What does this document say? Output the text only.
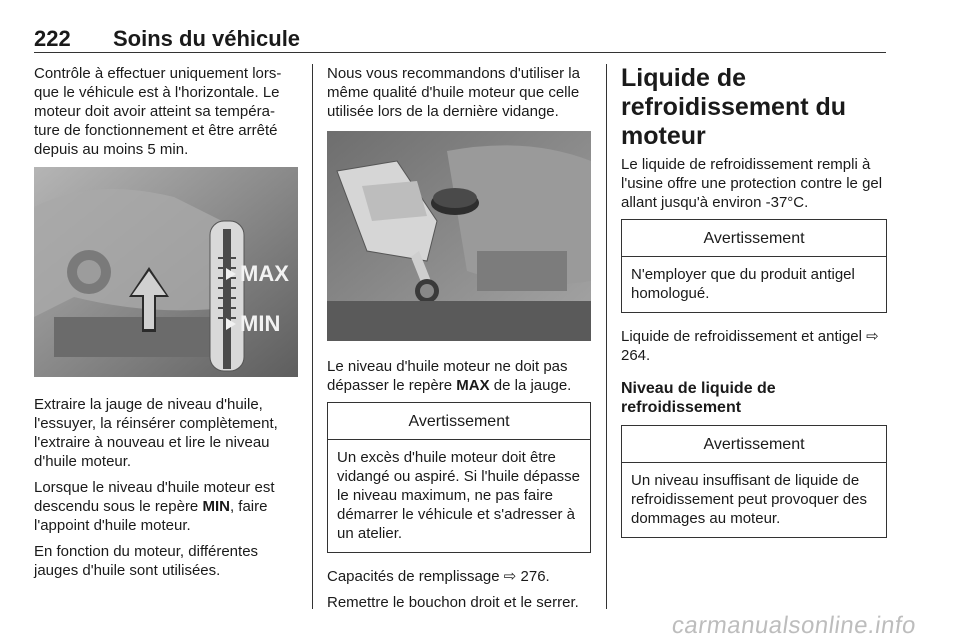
222 Soins du véhicule

Contrôle à effectuer uniquement lors-que le véhicule est à l'horizontale. Le moteur doit avoir atteint sa tempéra-ture de fonctionnement et être arrêté depuis au moins 5 min.

MAX
MIN

Extraire la jauge de niveau d'huile, l'essuyer, la réinsérer complètement, l'extraire à nouveau et lire le niveau d'huile moteur.

Lorsque le niveau d'huile moteur est descendu sous le repère MIN, faire l'appoint d'huile moteur.

En fonction du moteur, différentes jauges d'huile sont utilisées.

Nous vous recommandons d'utiliser la même qualité d'huile moteur que celle utilisée lors de la dernière vidange.

Le niveau d'huile moteur ne doit pas dépasser le repère MAX de la jauge.

Avertissement
Un excès d'huile moteur doit être vidangé ou aspiré. Si l'huile dépasse le niveau maximum, ne pas faire démarrer le véhicule et s'adresser à un atelier.

Capacités de remplissage ⇨ 276.

Remettre le bouchon droit et le serrer.

Liquide de refroidissement du moteur

Le liquide de refroidissement rempli à l'usine offre une protection contre le gel allant jusqu'à environ -37°C.

Avertissement
N'employer que du produit antigel homologué.

Liquide de refroidissement et antigel ⇨ 264.

Niveau de liquide de refroidissement
Avertissement
Un niveau insuffisant de liquide de refroidissement peut provoquer des dommages au moteur.
carmanualsonline.info
